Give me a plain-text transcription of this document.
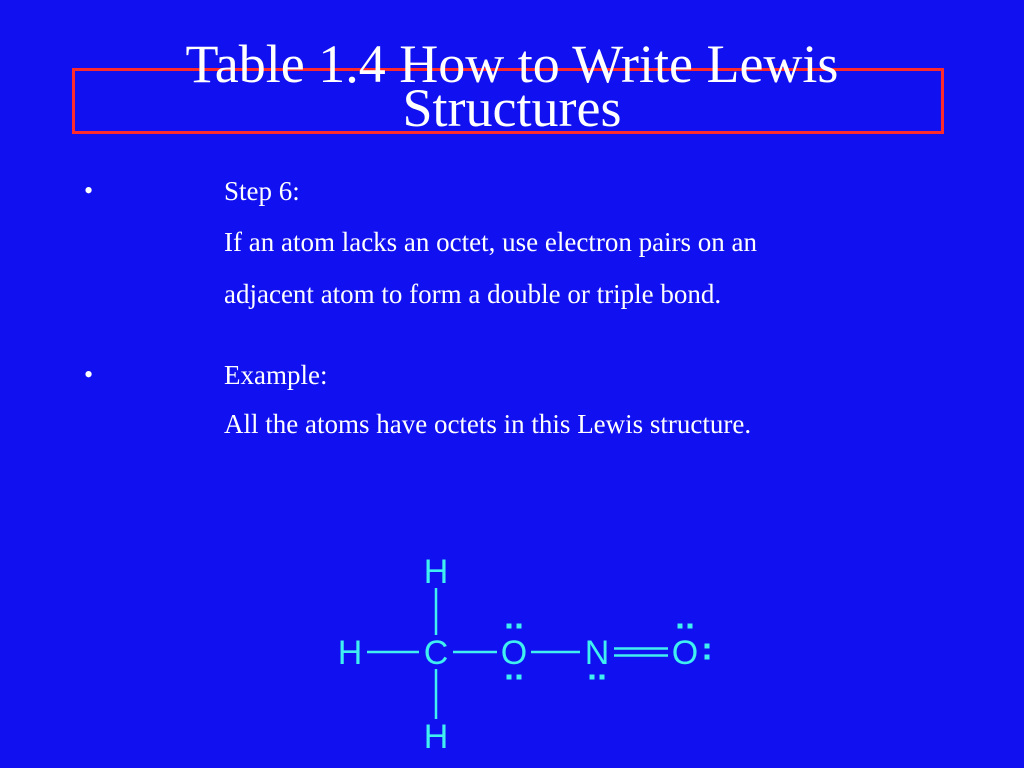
Table 1.4 How to Write Lewis
Structures
•	Step 6:
If an atom lacks an octet, use electron pairs on an
adjacent atom to form a double or triple bond.
•	Example:
All the atoms have octets in this Lewis structure.
H
H C O N O
H
